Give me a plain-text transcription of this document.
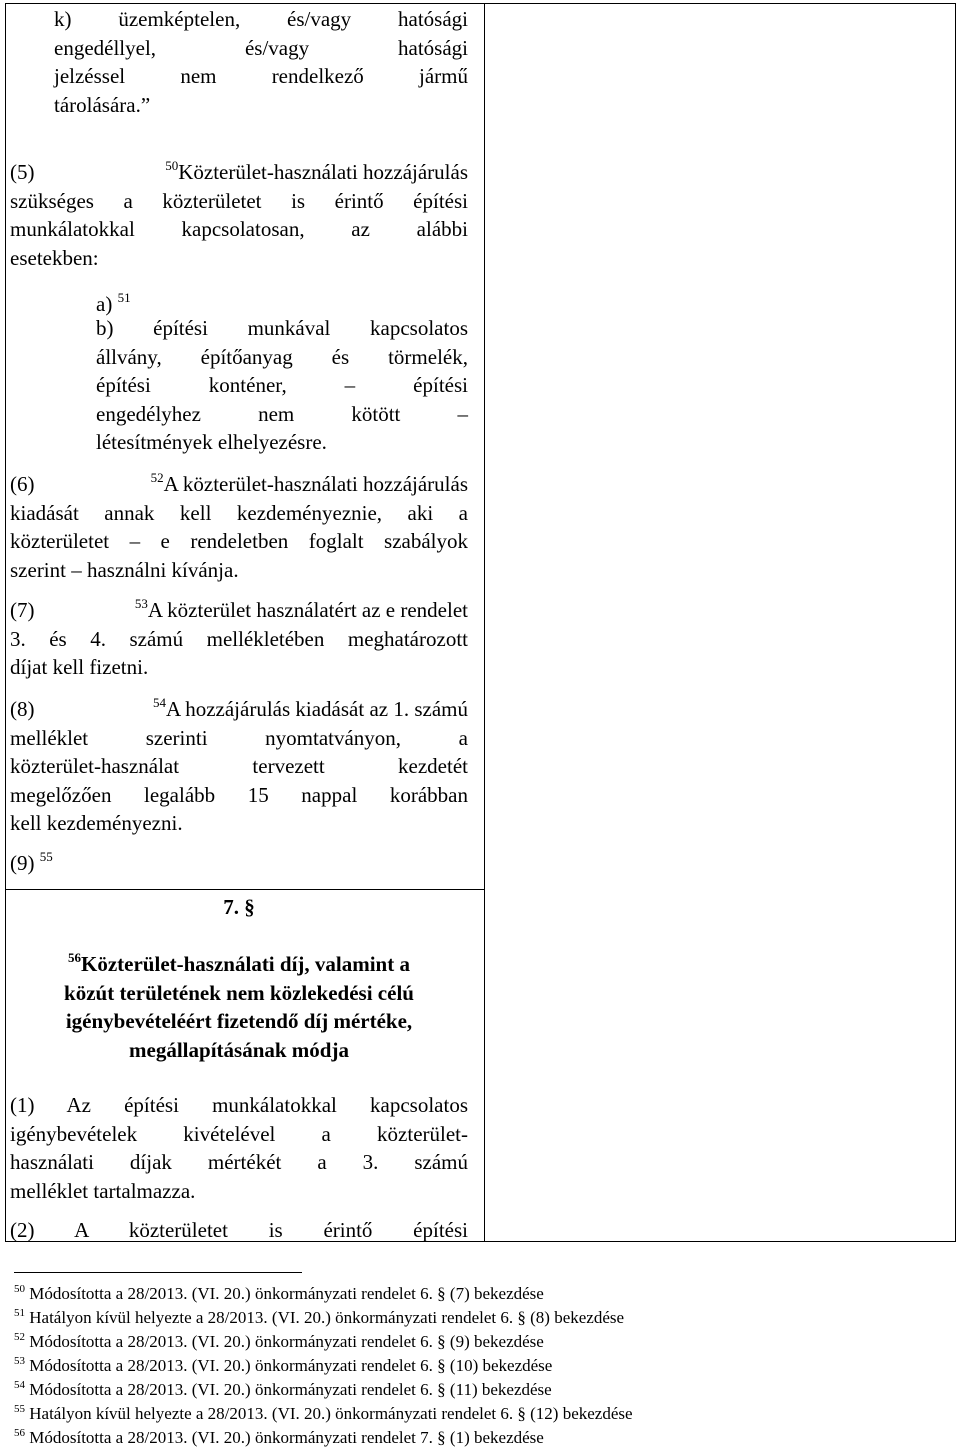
k) üzemképtelen, és/vagy hatósági
engedéllyel, és/vagy hatósági
jelzéssel nem rendelkező jármű
tárolására.”
(5)	$^{50}$Közterület-használati hozzájárulás
szükséges a közterületet is érintő építési
munkálatokkal kapcsolatosan, az alábbi
esetekben:
a) $^{51}$
b) építési munkával kapcsolatos
állvány, építőanyag és törmelék,
építési konténer, – építési
engedélyhez nem kötött –
létesítmények elhelyezésre.
(6)	$^{52}$A közterület-használati hozzájárulás
kiadását annak kell kezdeményeznie, aki a
közterületet – e rendeletben foglalt szabályok
szerint – használni kívánja.
(7)	$^{53}$A közterület használatért az e rendelet
3. és 4. számú mellékletében meghatározott
díjat kell fizetni.
(8)	$^{54}$A hozzájárulás kiadását az 1. számú
melléklet szerinti nyomtatványon, a
közterület-használat tervezett kezdetét
megelőzően legalább 15 nappal korábban
kell kezdeményezni.
(9) $^{55}$
7. §
$^{56}$Közterület-használati díj, valamint a
közút területének nem közlekedési célú
igénybevételéért fizetendő díj mértéke,
megállapításának módja
(1) Az építési munkálatokkal kapcsolatos
igénybevételek kivételével a közterület-
használati díjak mértékét a 3. számú
melléklet tartalmazza.
(2) A közterületet is érintő építési
$^{50}$ Módosította a 28/2013. (VI. 20.) önkormányzati rendelet 6. § (7) bekezdése
$^{51}$ Hatályon kívül helyezte a 28/2013. (VI. 20.) önkormányzati rendelet 6. § (8) bekezdése
$^{52}$ Módosította a 28/2013. (VI. 20.) önkormányzati rendelet 6. § (9) bekezdése
$^{53}$ Módosította a 28/2013. (VI. 20.) önkormányzati rendelet 6. § (10) bekezdése
$^{54}$ Módosította a 28/2013. (VI. 20.) önkormányzati rendelet 6. § (11) bekezdése
$^{55}$ Hatályon kívül helyezte a 28/2013. (VI. 20.) önkormányzati rendelet 6. § (12) bekezdése
$^{56}$ Módosította a 28/2013. (VI. 20.) önkormányzati rendelet 7. § (1) bekezdése
